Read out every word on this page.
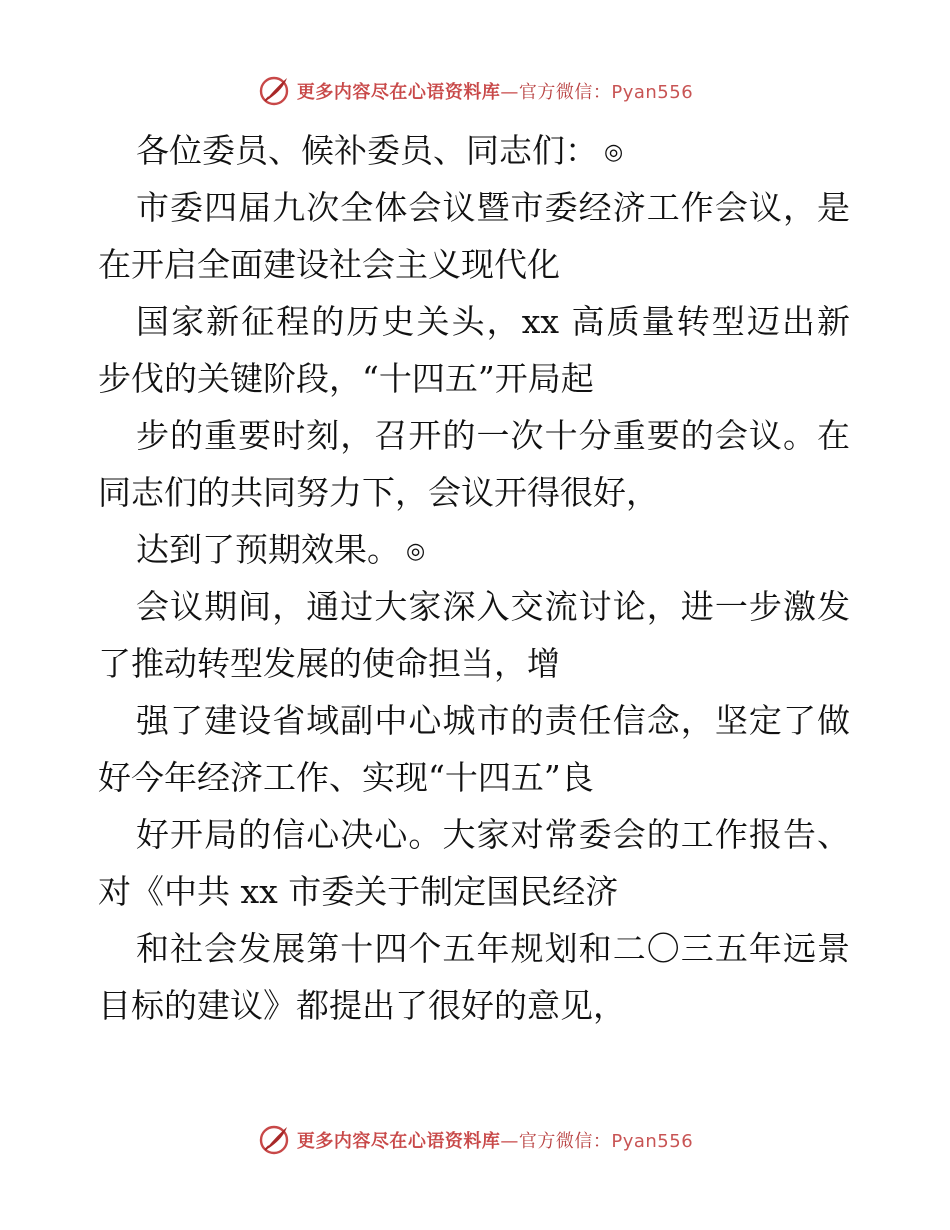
更多内容尽在心语资料库—官方微信：Pyan556
各位委员、候补委员、同志们： ◎
市委四届九次全体会议暨市委经济工作会议，是
在开启全面建设社会主义现代化
国家新征程的历史关头，xx 高质量转型迈出新
步伐的关键阶段，“十四五”开局起
步的重要时刻，召开的一次十分重要的会议。在
同志们的共同努力下，会议开得很好，
达到了预期效果。 ◎
会议期间，通过大家深入交流讨论，进一步激发
了推动转型发展的使命担当，增
强了建设省域副中心城市的责任信念，坚定了做
好今年经济工作、实现“十四五”良
好开局的信心决心。大家对常委会的工作报告、
对《中共 xx 市委关于制定国民经济
和社会发展第十四个五年规划和二〇三五年远景
目标的建议》都提出了很好的意见，
更多内容尽在心语资料库—官方微信：Pyan556
